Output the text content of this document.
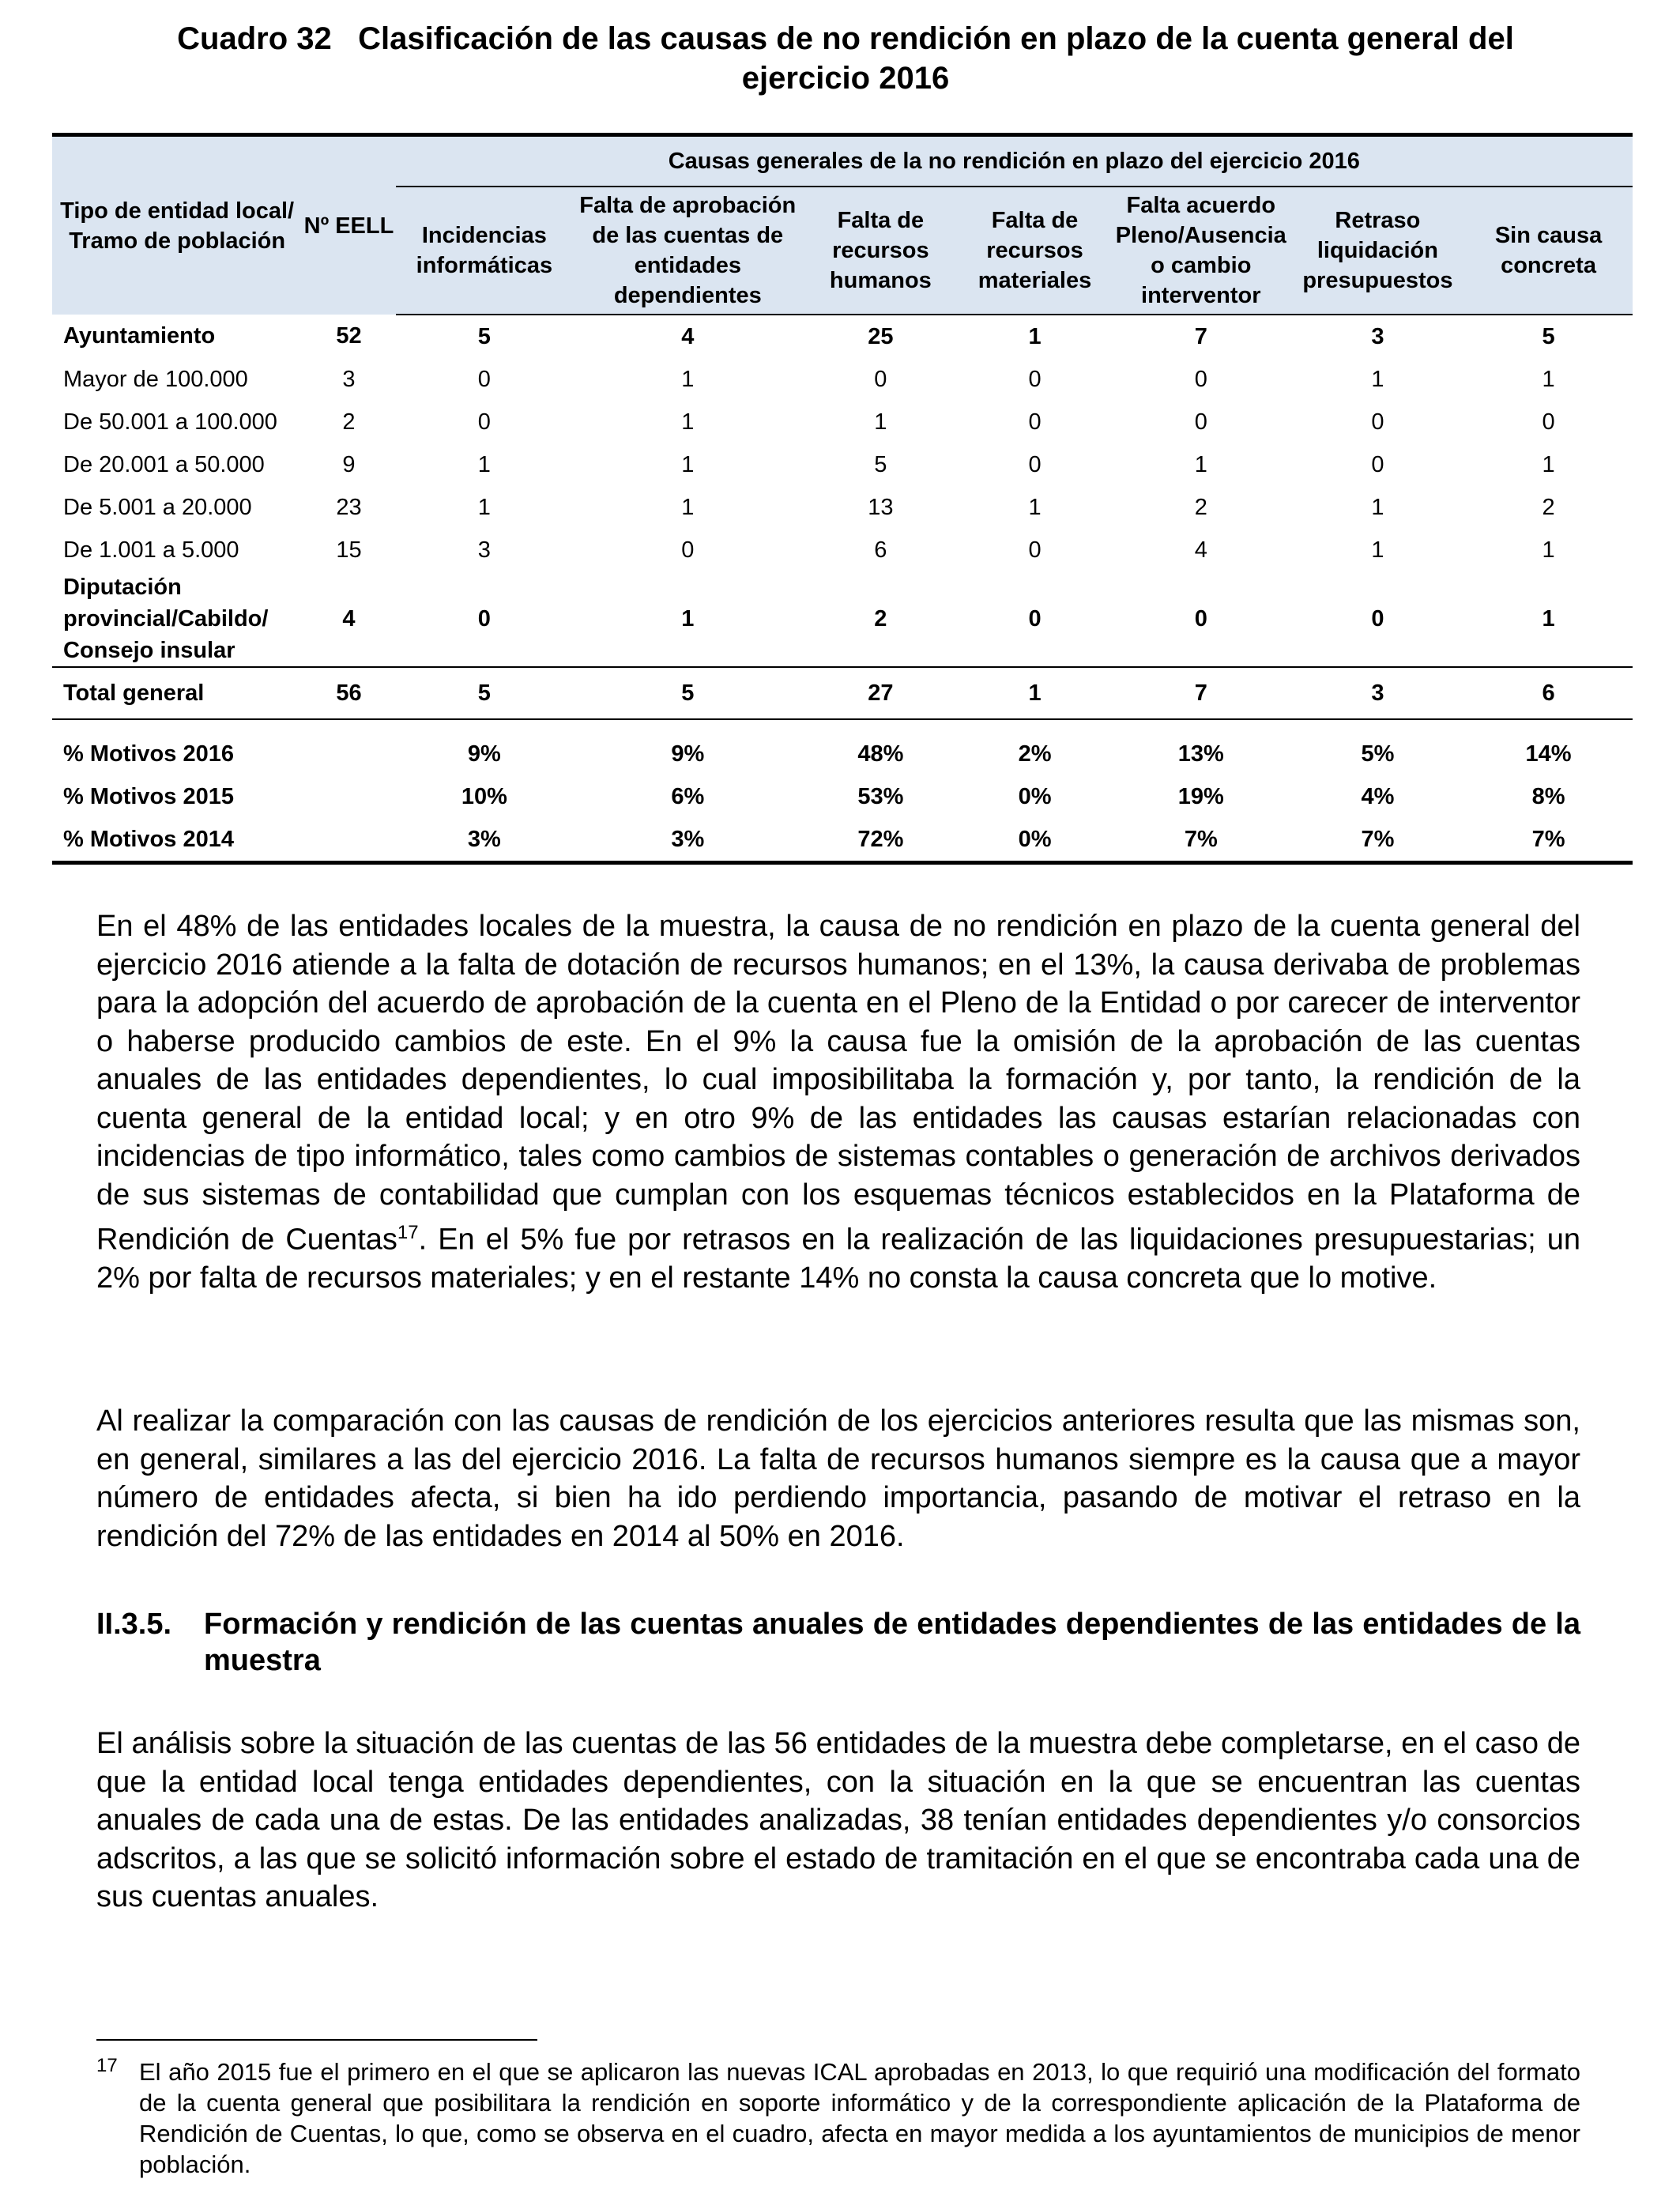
Cuadro 32   Clasificación de las causas de no rendición en plazo de la cuenta general del
ejercicio 2016
Tipo de entidad local/ Tramo de población	Nº EELL	Causas generales de la no rendición en plazo del ejercicio 2016						
		Incidencias informáticas	Falta de aprobación de las cuentas de entidades dependientes	Falta de recursos humanos	Falta de recursos materiales	Falta acuerdo Pleno/Ausencia o cambio interventor	Retraso liquidación presupuestos	Sin causa concreta
Ayuntamiento	52	5	4	25	1	7	3	5
Mayor de 100.000	3	0	1	0	0	0	1	1
De 50.001 a 100.000	2	0	1	1	0	0	0	0
De 20.001 a 50.000	9	1	1	5	0	1	0	1
De 5.001 a 20.000	23	1	1	13	1	2	1	2
De 1.001 a 5.000	15	3	0	6	0	4	1	1
Diputación provincial/Cabildo/ Consejo insular	4	0	1	2	0	0	0	1
Total general	56	5	5	27	1	7	3	6

% Motivos 2016		9%	9%	48%	2%	13%	5%	14%
% Motivos 2015		10%	6%	53%	0%	19%	4%	8%
% Motivos 2014		3%	3%	72%	0%	7%	7%	7%

En el 48% de las entidades locales de la muestra, la causa de no rendición en plazo de la cuenta general del ejercicio 2016 atiende a la falta de dotación de recursos humanos; en el 13%, la causa derivaba de problemas para la adopción del acuerdo de aprobación de la cuenta en el Pleno de la Entidad o por carecer de interventor o haberse producido cambios de este. En el 9% la causa fue la omisión de la aprobación de las cuentas anuales de las entidades dependientes, lo cual imposibilitaba la formación y, por tanto, la rendición de la cuenta general de la entidad local; y en otro 9% de las entidades las causas estarían relacionadas con incidencias de tipo informático, tales como cambios de sistemas contables o generación de archivos derivados de sus sistemas de contabilidad que cumplan con los esquemas técnicos establecidos en la Plataforma de Rendición de Cuentas$^{17}$. En el 5% fue por retrasos en la realización de las liquidaciones presupuestarias; un 2% por falta de recursos materiales; y en el restante 14% no consta la causa concreta que lo motive.

Al realizar la comparación con las causas de rendición de los ejercicios anteriores resulta que las mismas son, en general, similares a las del ejercicio 2016. La falta de recursos humanos siempre es la causa que a mayor número de entidades afecta, si bien ha ido perdiendo importancia, pasando de motivar el retraso en la rendición del 72% de las entidades en 2014 al 50% en 2016.

II.3.5. Formación y rendición de las cuentas anuales de entidades dependientes de las entidades de la muestra

El análisis sobre la situación de las cuentas de las 56 entidades de la muestra debe completarse, en el caso de que la entidad local tenga entidades dependientes, con la situación en la que se encuentran las cuentas anuales de cada una de estas. De las entidades analizadas, 38 tenían entidades dependientes y/o consorcios adscritos, a las que se solicitó información sobre el estado de tramitación en el que se encontraba cada una de sus cuentas anuales.

17 El año 2015 fue el primero en el que se aplicaron las nuevas ICAL aprobadas en 2013, lo que requirió una modificación del formato de la cuenta general que posibilitara la rendición en soporte informático y de la correspondiente aplicación de la Plataforma de Rendición de Cuentas, lo que, como se observa en el cuadro, afecta en mayor medida a los ayuntamientos de municipios de menor población.
